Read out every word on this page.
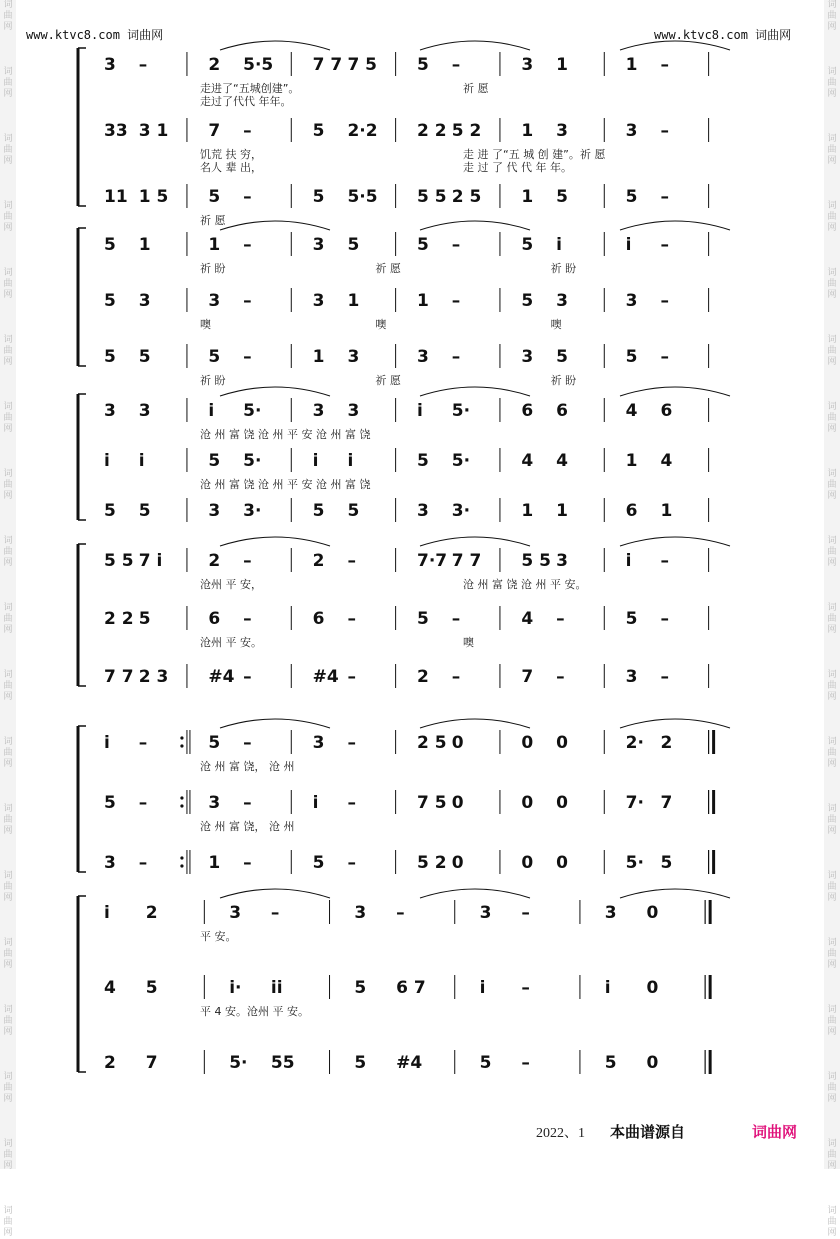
词
曲
网
词
曲
网
词
曲
网
词
曲
网
词
曲
网
词
曲
网
词
曲
网
词
曲
网
词
曲
网
词
曲
网
词
曲
网
词
曲
网
词
曲
网
词
曲
网
词
曲
网
词
曲
网
词
曲
网
词
曲
网
词
曲
网
词
曲
网
词
曲
网
词
曲
网
词
曲
网
词
曲
网
词
曲
网
词
曲
网
词
曲
网
词
曲
网
词
曲
网
词
曲
网
词
曲
网
词
曲
网
词
曲
网
词
曲
网
词
曲
网
词
曲
网
词
曲
网
词
曲
网
www.ktvc8.com 词曲网	www.ktvc8.com 词曲网
3 –	2 5·5 7 7 7 5 5 –	3 1	1 –
走进了“五城创建”。	祈 愿
走过了代代 年年。
33 3 1 7 –	5 2·2 2 2 5 2 1 3	3 –
饥荒 扶 穷，	走 进 了“五 城 创 建”。祈 愿
名人 辈 出，	走 过 了 代 代 年 年。
11 1 5 5 –	5 5·5 5 5 2 5 1 5	5 –
祈 愿
5 1	1 –	3 5	5 –	5 i	i –
祈 盼	祈 愿	祈 盼
5 3	3 –	3 1	1 –	5 3	3 –
噢	噢	噢
5 5	5 –	1 3	3 –	3 5	5 –
祈 盼	祈 愿	祈 盼
3 3	i 5·	3 3	i 5·	6 6	4 6
沧 州 富 饶 沧 州 平 安 沧 州 富 饶
i i	5 5·	i i	5 5·	4 4	1 4
沧 州 富 饶 沧 州 平 安 沧 州 富 饶
5 5	3 3·	5 5	3 3·	1 1	6 1
5 5 7 i	2 –	2 –	7·7 7 7 5 5 3	i –
沧州 平 安，	沧 州 富 饶 沧 州 平 安。
2 2 5	6 –	6 –	5 –	4 –	5 –
沧州 平 安。	噢
7 7 2 3 #4 –	#4 –	2 –	7 –	3 –
i –	5 –	3 –	2 5 0	0 0	2· 2
沧 州 富 饶， 沧 州
5 –	3 –	i –	7 5 0	0 0	7· 7
沧 州 富 饶， 沧 州
3 –	1 –	5 –	5 2 0	0 0	5· 5
i 2	3 –	3 –	3 –	3 0
平 安。
4 5	i· ii	5 6 7	i –	i 0
平 4 安。沧州 平 安。
2 7	5· 55	5 #4	5 –	5 0
2022、1 本曲谱源自	词曲网
